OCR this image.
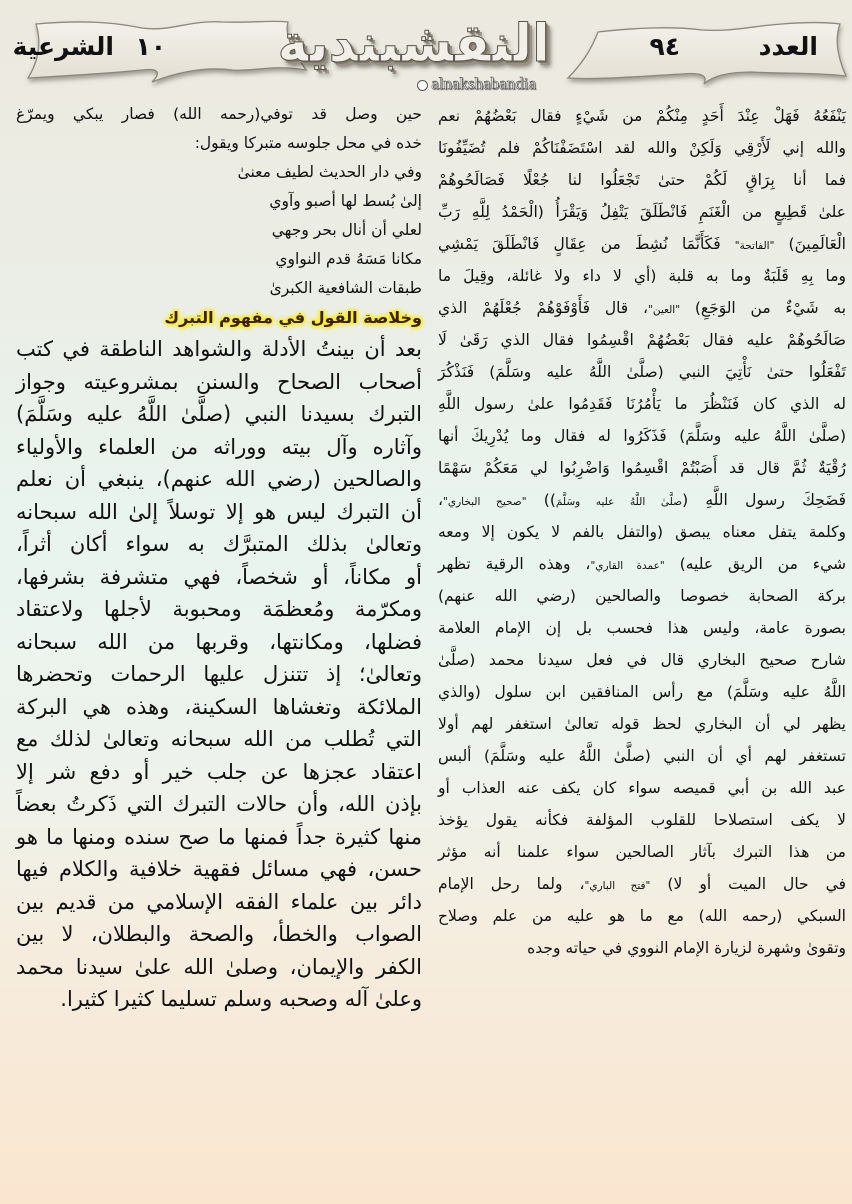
١٠
الشرعية	النقشبندية
alnakshabandia
العدد
٩٤
يَنْفَعُهُ فَهَلْ عِنْدَ أَحَدٍ مِنْكُمْ من شَيْءٍ فقال بَعْضُهُمْ نعم
والله إني لَأَرْقِي وَلَكِنْ والله لقد اسْتَضَفْنَاكُمْ فلم تُضَيِّفُونَا
فما أنا بِرَاقٍ لَكُمْ حتىٰ تَجْعَلُوا لنا جُعْلًا فَصَالَحُوهُمْ
علىٰ قَطِيعٍ من الْغَنَمِ فَانْطَلَقَ يَتْفِلُ وَيَقْرَأُ (الْحَمْدُ لِلَّهِ رَبِّ
الْعَالَمِينَ) "الفاتحة" فَكَأَنَّمَا نُشِطَ من عِقَالٍ فَانْطَلَقَ يَمْشِي
وما بِهِ قَلَبَةٌ وما به قلبة (أي لا داء ولا غائلة، وقِيلَ ما
به شَيْءٌ من الوَجَعِ) "العين"، قال فَأَوْفَوْهُمْ جُعْلَهُمْ الذي
صَالَحُوهُمْ عليه فقال بَعْضُهُمْ اقْسِمُوا فقال الذي رَقَىٰ لَا
تَفْعَلُوا حتىٰ نَأْتِيَ النبي (صلَّىٰ اللَّهُ عليه وسَلَّمَ) فَنَذْكُرَ
له الذي كان فَنَنْظُرَ ما يَأْمُرُنَا فَقَدِمُوا علىٰ رسول اللَّهِ
(صلَّىٰ اللَّهُ عليه وسَلَّمَ) فَذَكَرُوا له فقال وما يُدْرِيكَ أنها
رُقْيَةٌ ثُمَّ قال قد أَصَبْتُمْ اقْسِمُوا وَاضْرِبُوا لي مَعَكُمْ سَهْمًا
فَضَحِكَ رسول اللَّهِ (صلَّىٰ اللَّهُ عليه وسَلَّمَ)) "صحيح البخاري"،
وكلمة يتفل معناه يبصق (والتفل بالفم لا يكون إلا ومعه
شيء من الريق عليه) "عمدة القاري"، وهذه الرقية تظهر
بركة الصحابة خصوصا والصالحين (رضي الله عنهم)
بصورة عامة، وليس هذا فحسب بل إن الإمام العلامة
شارح صحيح البخاري قال في فعل سيدنا محمد (صلَّىٰ
اللَّهُ عليه وسَلَّمَ) مع رأس المنافقين ابن سلول (والذي
يظهر لي أن البخاري لحظ قوله تعالىٰ استغفر لهم أولا
تستغفر لهم أي أن النبي (صلَّىٰ اللَّهُ عليه وسَلَّمَ) ألبس
عبد الله بن أبي قميصه سواء كان يكف عنه العذاب أو
لا يكف استصلاحا للقلوب المؤلفة فكأنه يقول يؤخذ
من هذا التبرك بآثار الصالحين سواء علمنا أنه مؤثر
في حال الميت أو لا) "فتح الباري"، ولما رحل الإمام
السبكي (رحمه الله) مع ما هو عليه من علم وصلاح
وتقوىٰ وشهرة لزيارة الإمام النووي في حياته وجده
حين وصل قد توفي(رحمه الله) فصار يبكي ويمرّغ
خده في محل جلوسه متبركا ويقول:
وفي دار الحديث لطيف معنىٰ
إلىٰ بُسط لها أصبو وآوي
لعلي أن أنال بحر وجهي
مكانا مَسَهُ قدم النواوي
طبقات الشافعية الكبرىٰ
وخلاصة القول في مفهوم التبرك
بعد أن بينتُ الأدلة والشواهد الناطقة في كتب
أصحاب الصحاح والسنن بمشروعيته وجواز
التبرك بسيدنا النبي (صلَّىٰ اللَّهُ عليه وسَلَّمَ)
وآثاره وآل بيته ووراثه من العلماء والأولياء
والصالحين (رضي الله عنهم)، ينبغي أن نعلم
أن التبرك ليس هو إلا توسلاً إلىٰ الله سبحانه
وتعالىٰ بذلك المتبرَّك به سواء أكان أثراً،
أو مكاناً، أو شخصاً، فهي متشرفة بشرفها،
ومكرّمة ومُعظمَة ومحبوبة لأجلها ولاعتقاد
فضلها، ومكانتها، وقربها من الله سبحانه
وتعالىٰ؛ إذ تتنزل عليها الرحمات وتحضرها
الملائكة وتغشاها السكينة، وهذه هي البركة
التي تُطلب من الله سبحانه وتعالىٰ لذلك مع
اعتقاد عجزها عن جلب خير أو دفع شر إلا
بإذن الله، وأن حالات التبرك التي ذَكرتُ بعضاً
منها كثيرة جداً فمنها ما صح سنده ومنها ما هو
حسن، فهي مسائل فقهية خلافية والكلام فيها
دائر بين علماء الفقه الإسلامي من قديم بين
الصواب والخطأ، والصحة والبطلان، لا بين
الكفر والإيمان، وصلىٰ الله علىٰ سيدنا محمد
وعلىٰ آله وصحبه وسلم تسليما كثيرا كثيرا.
